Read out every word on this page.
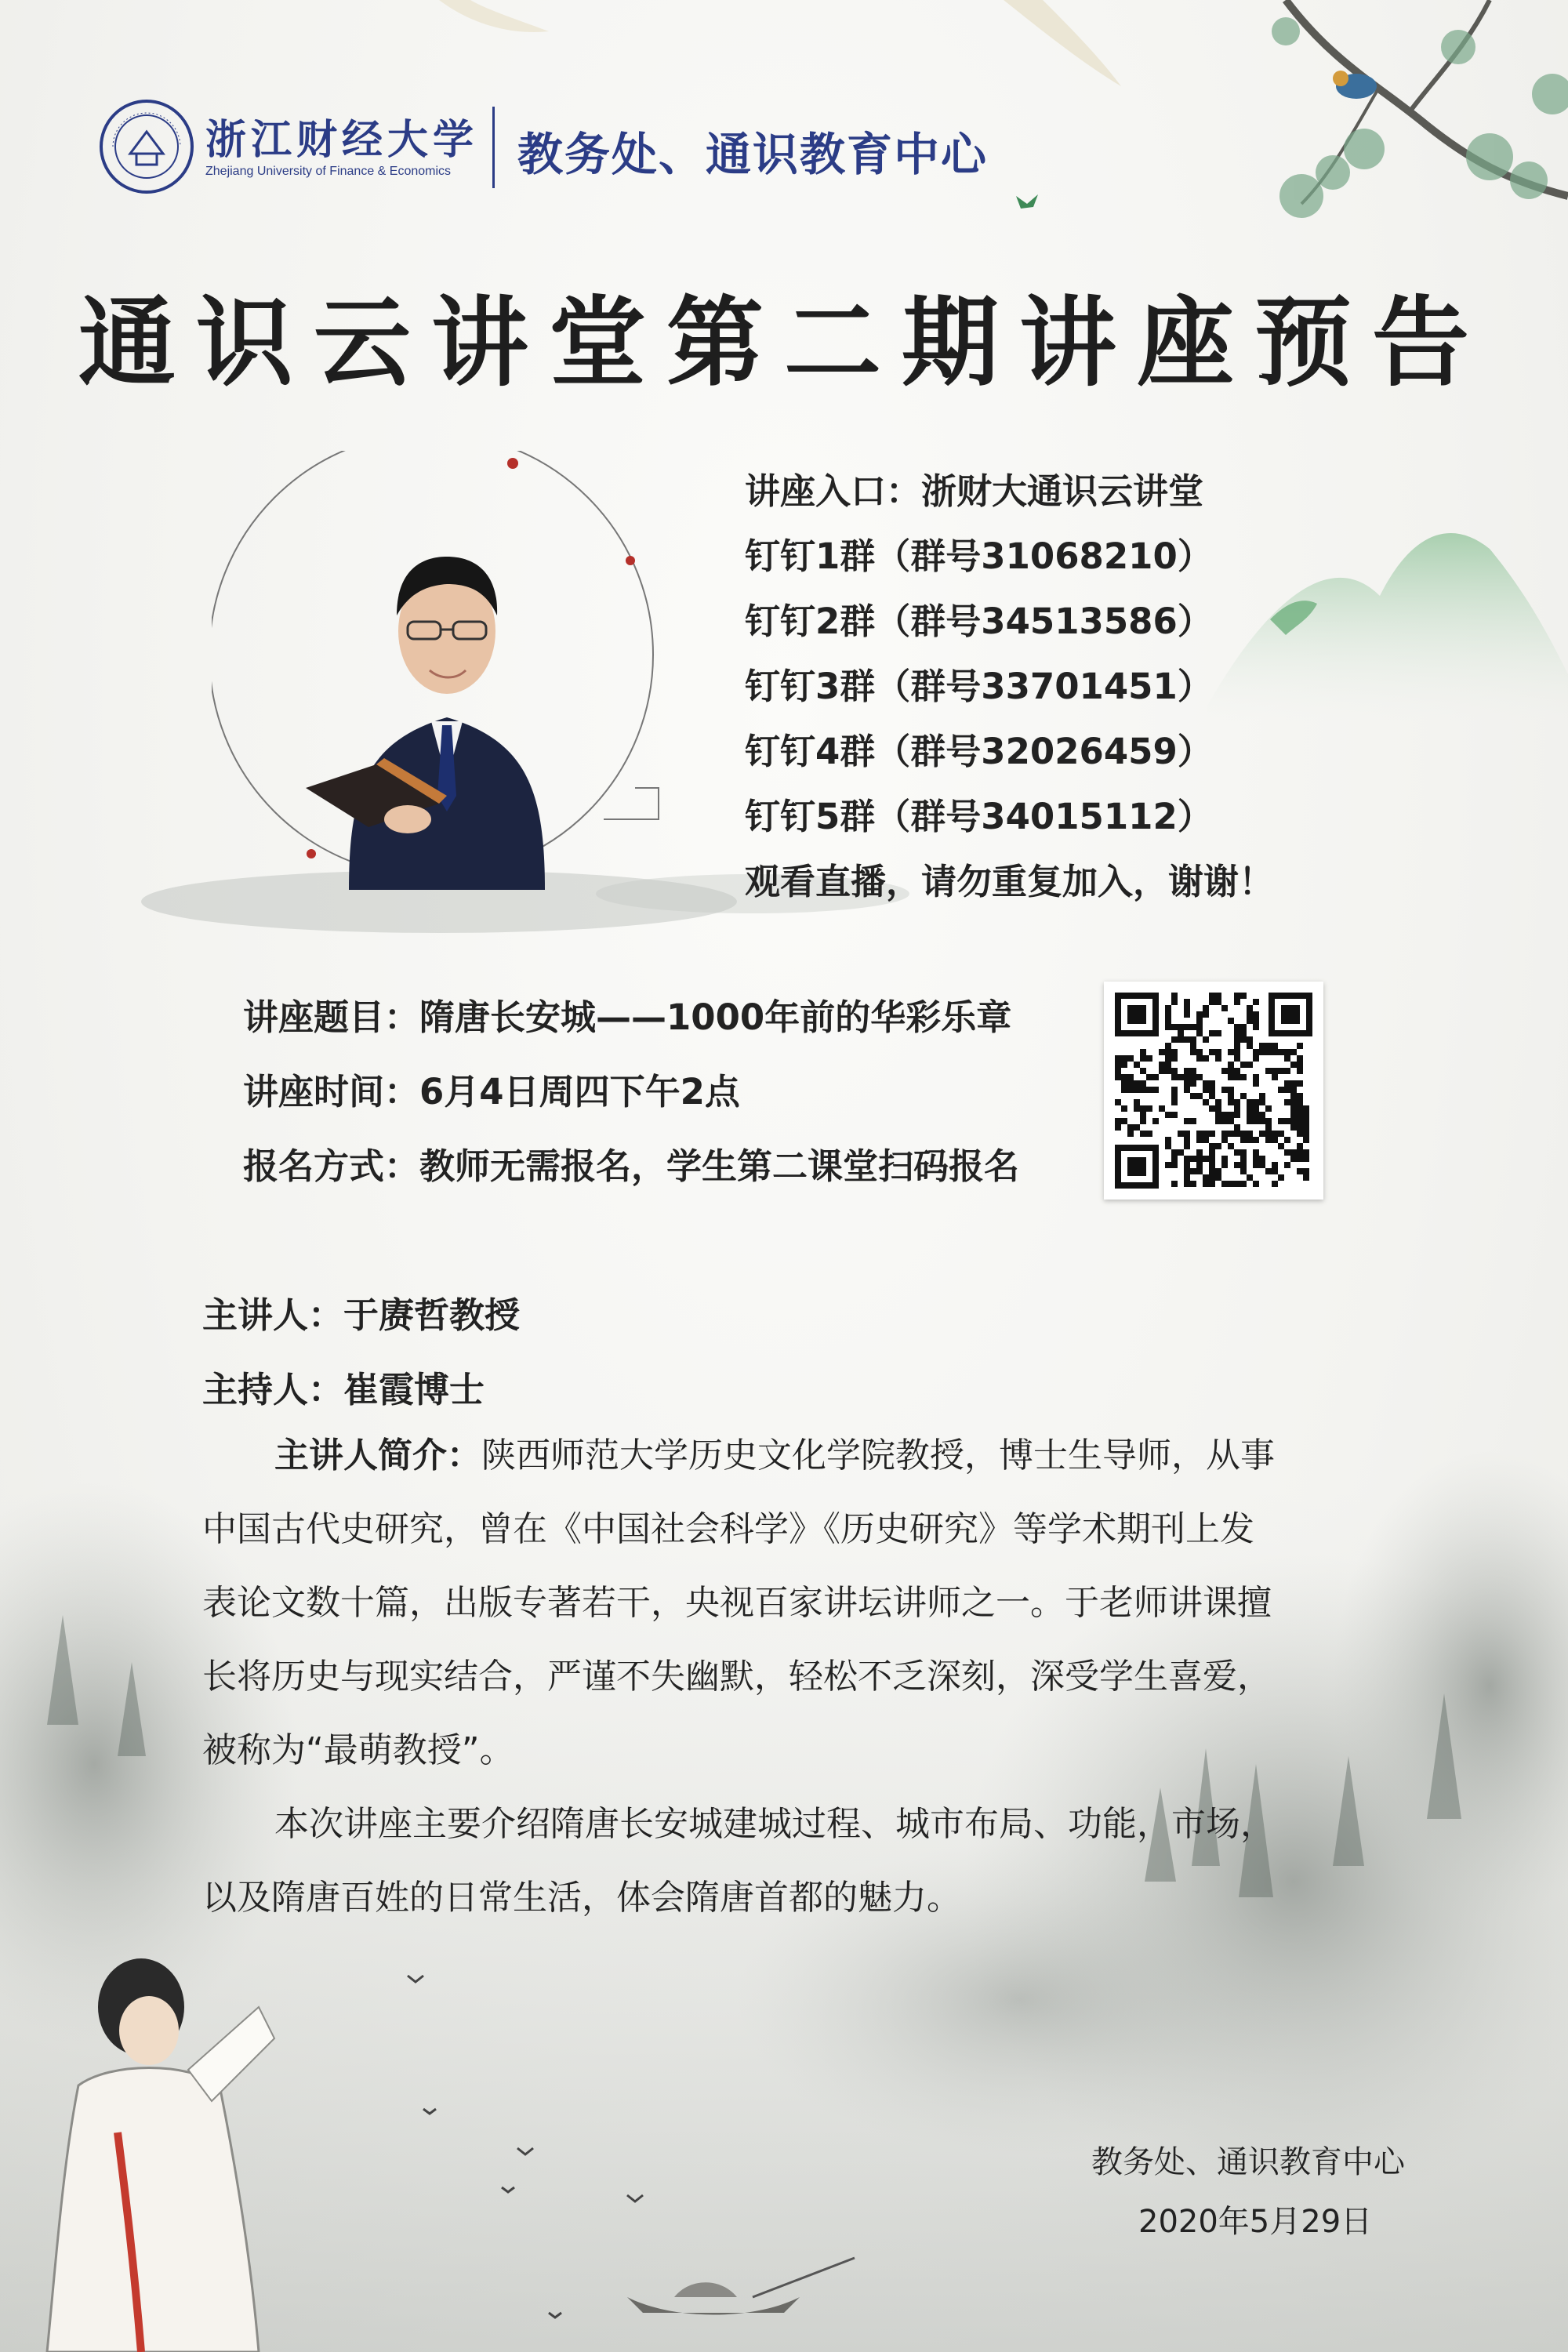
浙江财经大学
Zhejiang University of Finance & Economics 教务处、通识教育中心
通识云讲堂第二期讲座预告
讲座入口：浙财大通识云讲堂
钉钉1群（群号31068210）
钉钉2群（群号34513586）
钉钉3群（群号33701451）
钉钉4群（群号32026459）
钉钉5群（群号34015112）
观看直播，请勿重复加入，谢谢！
讲座题目：隋唐长安城——1000年前的华彩乐章
讲座时间：6月4日周四下午2点
报名方式：教师无需报名，学生第二课堂扫码报名
主讲人：于赓哲教授
主持人：崔霞博士
主讲人简介：陕西师范大学历史文化学院教授，博士生导师，从事
中国古代史研究，曾在《中国社会科学》《历史研究》等学术期刊上发
表论文数十篇，出版专著若干，央视百家讲坛讲师之一。于老师讲课擅
长将历史与现实结合，严谨不失幽默，轻松不乏深刻，深受学生喜爱，
被称为“最萌教授”。
本次讲座主要介绍隋唐长安城建城过程、城市布局、功能，市场，
以及隋唐百姓的日常生活，体会隋唐首都的魅力。
教务处、通识教育中心
2020年5月29日
